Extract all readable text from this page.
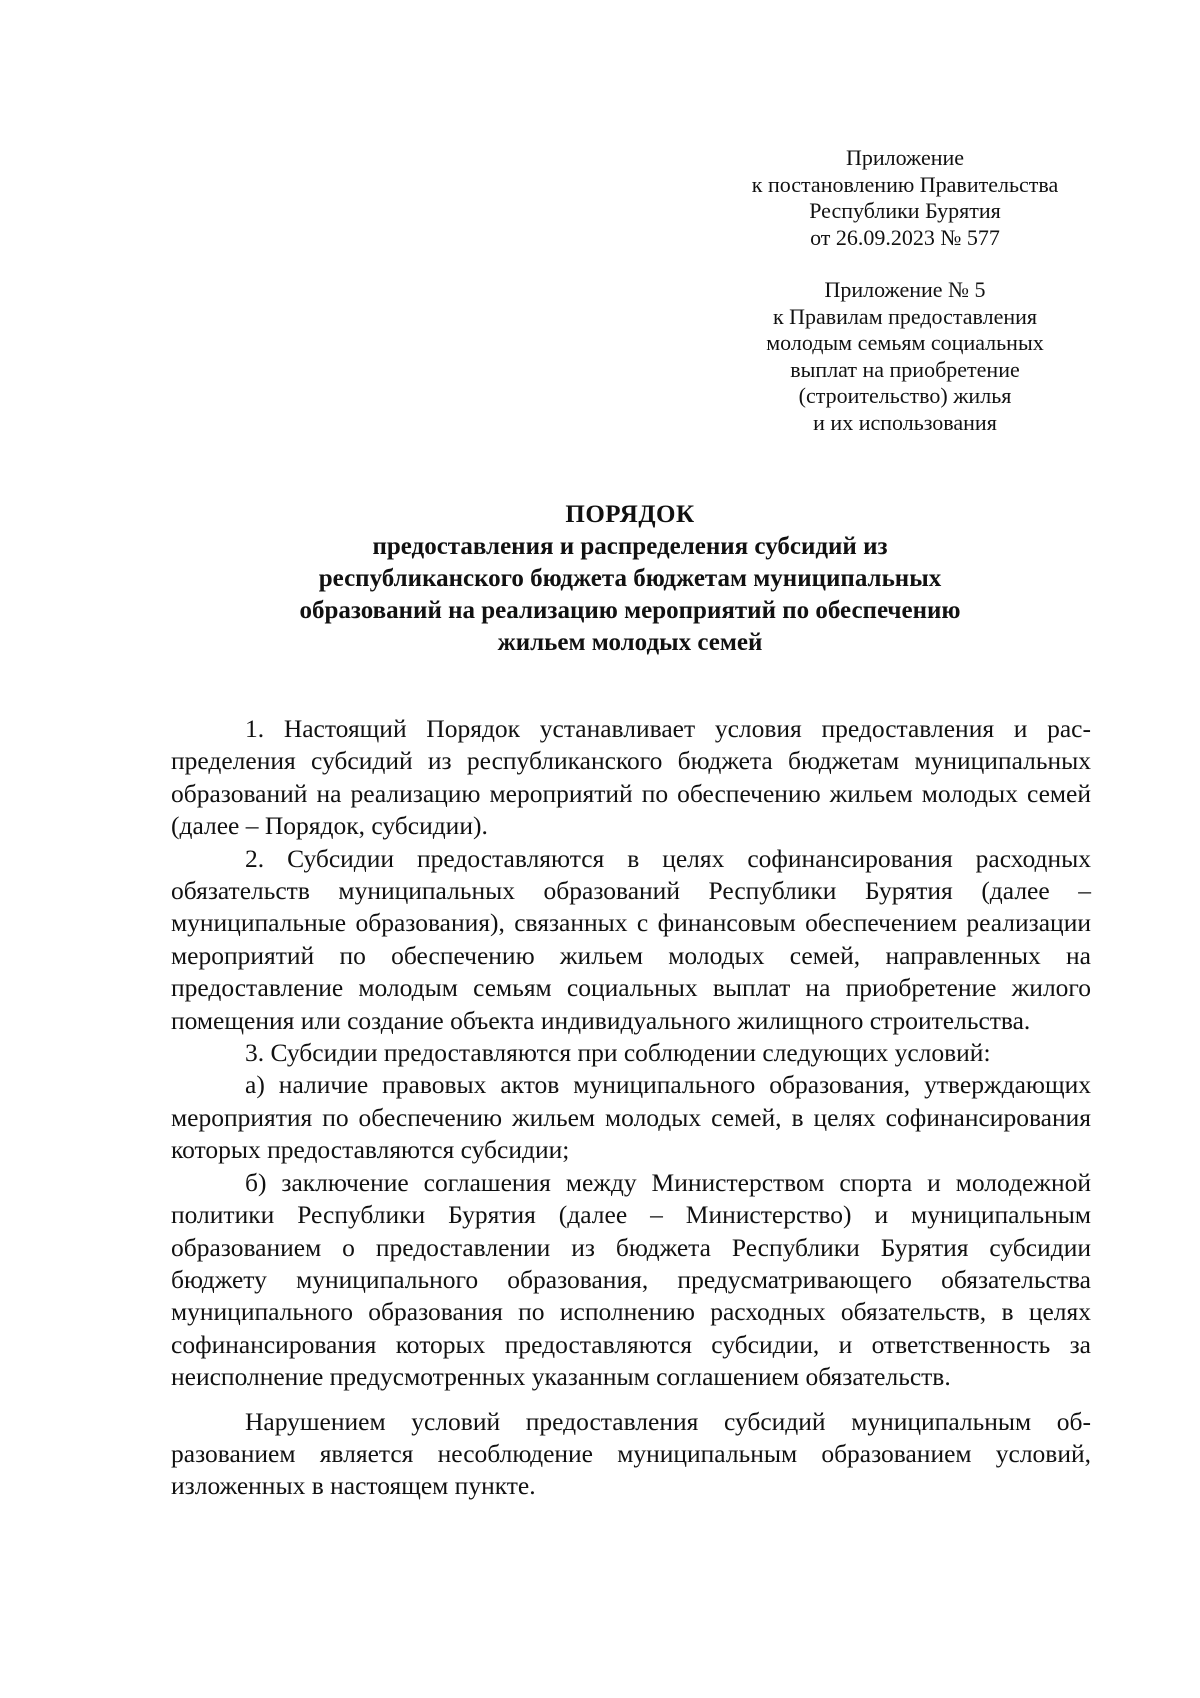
Приложение
к постановлению Правительства
Республики Бурятия
от 26.09.2023 № 577
Приложение № 5
к Правилам предоставления
молодым семьям социальных
выплат на приобретение
(строительство) жилья
и их использования
ПОРЯДОК
предоставления и распределения субсидий из
республиканского бюджета бюджетам муниципальных
образований на реализацию мероприятий по обеспечению
жильем молодых семей

1. Настоящий Порядок устанавливает условия предоставления и распределения субсидий из республиканского бюджета бюджетам муниципальных образований на реализацию мероприятий по обеспечению жильем молодых семей (далее – Порядок, субсидии).

2. Субсидии предоставляются в целях софинансирования расходных обязательств муниципальных образований Республики Бурятия (далее – муниципальные образования), связанных с финансовым обеспечением реализации мероприятий по обеспечению жильем молодых семей, направленных на предоставление молодым семьям социальных выплат на приобретение жилого помещения или создание объекта индивидуального жилищного строительства.

3. Субсидии предоставляются при соблюдении следующих условий:

а) наличие правовых актов муниципального образования, утверждающих мероприятия по обеспечению жильем молодых семей, в целях софинансирования которых предоставляются субсидии;

б) заключение соглашения между Министерством спорта и молодежной политики Республики Бурятия (далее – Министерство) и муниципальным образованием о предоставлении из бюджета Республики Бурятия субсидии бюджету муниципального образования, предусматривающего обязательства муниципального образования по исполнению расходных обязательств, в целях софинансирования которых предоставляются субсидии, и ответственность за неисполнение предусмотренных указанным соглашением обязательств.

Нарушением условий предоставления субсидий муниципальным образованием является несоблюдение муниципальным образованием условий, изложенных в настоящем пункте.
